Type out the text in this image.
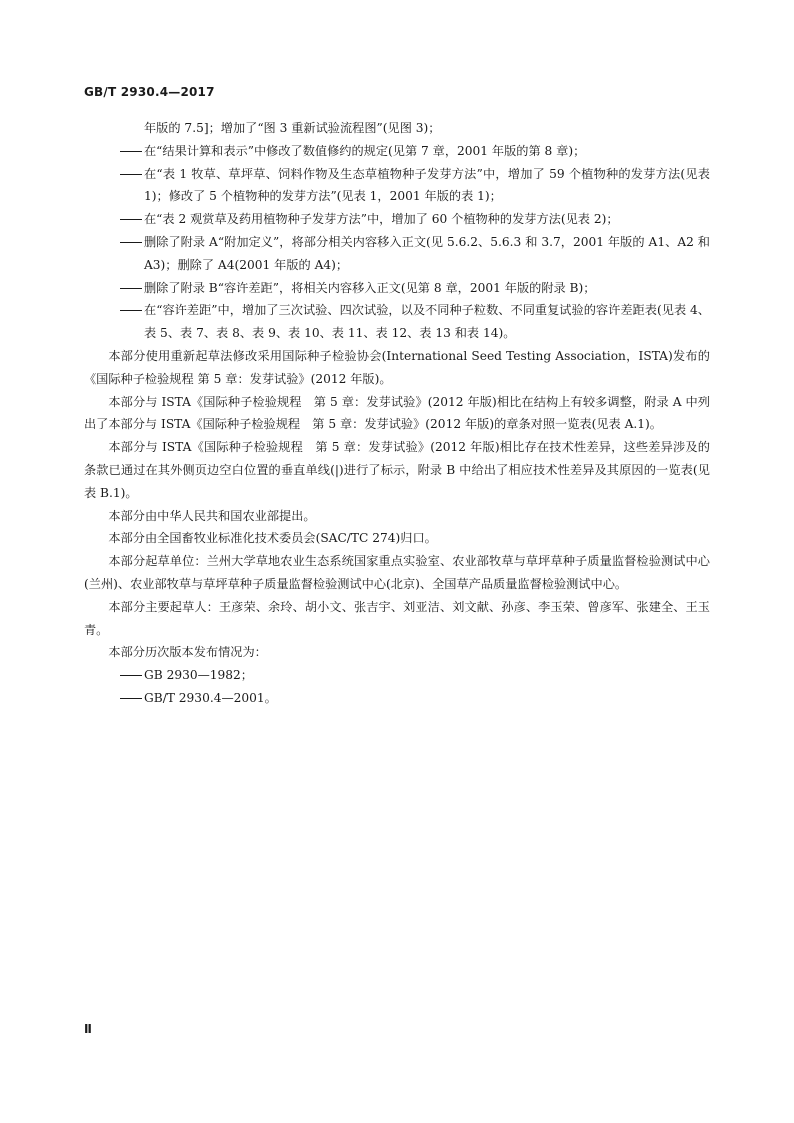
GB/T 2930.4—2017

年版的 7.5]；增加了“图 3 重新试验流程图”(见图 3)；

在“结果计算和表示”中修改了数值修约的规定(见第 7 章，2001 年版的第 8 章)；

在“表 1 牧草、草坪草、饲料作物及生态草植物种子发芽方法”中，增加了 59 个植物种的发芽方法(见表 1)；修改了 5 个植物种的发芽方法”(见表 1，2001 年版的表 1)；

在“表 2 观赏草及药用植物种子发芽方法”中，增加了 60 个植物种的发芽方法(见表 2)；

删除了附录 A“附加定义”，将部分相关内容移入正文(见 5.6.2、5.6.3 和 3.7，2001 年版的 A1、A2 和 A3)；删除了 A4(2001 年版的 A4)；

删除了附录 B“容许差距”，将相关内容移入正文(见第 8 章，2001 年版的附录 B)；

在“容许差距”中，增加了三次试验、四次试验，以及不同种子粒数、不同重复试验的容许差距表(见表 4、表 5、表 7、表 8、表 9、表 10、表 11、表 12、表 13 和表 14)。

本部分使用重新起草法修改采用国际种子检验协会(International Seed Testing Association，ISTA)发布的《国际种子检验规程 第 5 章：发芽试验》(2012 年版)。

本部分与 ISTA《国际种子检验规程　第 5 章：发芽试验》(2012 年版)相比在结构上有较多调整，附录 A 中列出了本部分与 ISTA《国际种子检验规程　第 5 章：发芽试验》(2012 年版)的章条对照一览表(见表 A.1)。

本部分与 ISTA《国际种子检验规程　第 5 章：发芽试验》(2012 年版)相比存在技术性差异，这些差异涉及的条款已通过在其外侧页边空白位置的垂直单线(|)进行了标示，附录 B 中给出了相应技术性差异及其原因的一览表(见表 B.1)。

本部分由中华人民共和国农业部提出。

本部分由全国畜牧业标准化技术委员会(SAC/TC 274)归口。

本部分起草单位：兰州大学草地农业生态系统国家重点实验室、农业部牧草与草坪草种子质量监督检验测试中心(兰州)、农业部牧草与草坪草种子质量监督检验测试中心(北京)、全国草产品质量监督检验测试中心。

本部分主要起草人：王彦荣、余玲、胡小文、张吉宇、刘亚洁、刘文献、孙彦、李玉荣、曾彦军、张建全、王玉青。

本部分历次版本发布情况为：

GB 2930—1982；

GB/T 2930.4—2001。

Ⅱ
